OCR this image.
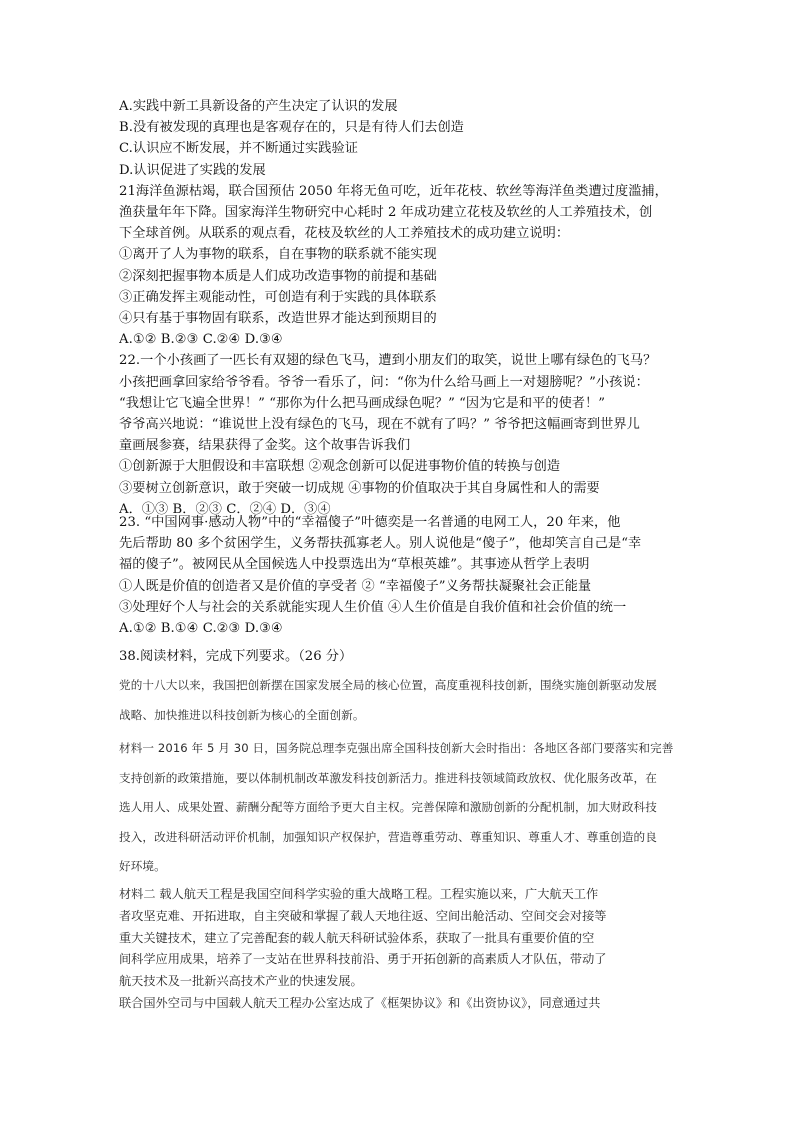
A.实践中新工具新设备的产生决定了认识的发展
B.没有被发现的真理也是客观存在的，只是有待人们去创造
C.认识应不断发展，并不断通过实践验证
D.认识促进了实践的发展
21海洋鱼源枯竭，联合国预估 2050 年将无鱼可吃，近年花枝、软丝等海洋鱼类遭过度滥捕，
渔获量年年下降。国家海洋生物研究中心耗时 2 年成功建立花枝及软丝的人工养殖技术，创
下全球首例。从联系的观点看，花枝及软丝的人工养殖技术的成功建立说明：
①离开了人为事物的联系，自在事物的联系就不能实现
②深刻把握事物本质是人们成功改造事物的前提和基础
③正确发挥主观能动性，可创造有利于实践的具体联系
④只有基于事物固有联系，改造世界才能达到预期目的
A.①② B.②③ C.②④ D.③④
22.一个小孩画了一匹长有双翅的绿色飞马，遭到小朋友们的取笑，说世上哪有绿色的飞马？
小孩把画拿回家给爷爷看。爷爷一看乐了，问：“你为什么给马画上一对翅膀呢？”小孩说：
“我想让它飞遍全世界！” “那你为什么把马画成绿色呢？” “因为它是和平的使者！”
爷爷高兴地说：“谁说世上没有绿色的飞马，现在不就有了吗？” 爷爷把这幅画寄到世界儿
童画展参赛，结果获得了金奖。这个故事告诉我们
①创新源于大胆假设和丰富联想 ②观念创新可以促进事物价值的转换与创造
③要树立创新意识，敢于突破一切成规 ④事物的价值取决于其自身属性和人的需要
A．①③ B．②③ C．②④ D．③④
23. “中国网事·感动人物”中的“幸福傻子”叶德奕是一名普通的电网工人，20 年来，他
先后帮助 80 多个贫困学生，义务帮扶孤寡老人。别人说他是“傻子”，他却笑言自己是“幸
福的傻子”。被网民从全国候选人中投票选出为“草根英雄”。其事迹从哲学上表明
①人既是价值的创造者又是价值的享受者 ② “幸福傻子”义务帮扶凝聚社会正能量
③处理好个人与社会的关系就能实现人生价值 ④人生价值是自我价值和社会价值的统一
A.①② B.①④ C.②③ D.③④
38.阅读材料，完成下列要求。（26 分）
党的十八大以来，我国把创新摆在国家发展全局的核心位置，高度重视科技创新，围绕实施创新驱动发展
战略、加快推进以科技创新为核心的全面创新。
材料一 2016 年 5 月 30 日，国务院总理李克强出席全国科技创新大会时指出：各地区各部门要落实和完善
支持创新的政策措施，要以体制机制改革激发科技创新活力。推进科技领域简政放权、优化服务改革，在
选人用人、成果处置、薪酬分配等方面给予更大自主权。完善保障和激励创新的分配机制，加大财政科技
投入，改进科研活动评价机制，加强知识产权保护，营造尊重劳动、尊重知识、尊重人才、尊重创造的良
好环境。
材料二 载人航天工程是我国空间科学实验的重大战略工程。工程实施以来，广大航天工作
者攻坚克难、开拓进取，自主突破和掌握了载人天地往返、空间出舱活动、空间交会对接等
重大关键技术，建立了完善配套的载人航天科研试验体系，获取了一批具有重要价值的空
间科学应用成果，培养了一支站在世界科技前沿、勇于开拓创新的高素质人才队伍，带动了
航天技术及一批新兴高技术产业的快速发展。
联合国外空司与中国载人航天工程办公室达成了《框架协议》和《出资协议》，同意通过共
